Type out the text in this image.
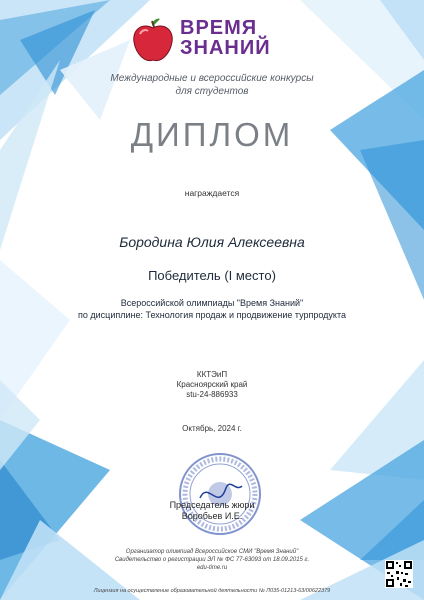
ВРЕМЯ
ЗНАНИЙ
Международные и всероссийские конкурсы
для студентов
ДИПЛОМ
награждается
Бородина Юлия Алексеевна
Победитель (I место)
Всероссийской олимпиады "Время Знаний"
по дисциплине: Технология продаж и продвижение турпродукта
ККТЭиП
Красноярский край
stu-24-886933
Октябрь, 2024 г.
Председатель жюри
Воробьев И.Е.
Организатор олимпиад Всероссийское СМИ "Время Знаний"
Свидетельство о регистрации ЭЛ № ФС 77-63093 от 18.09.2015 г.
edu-time.ru
Лицензия на осуществление образовательной деятельности № Л035-01213-63/00622379
